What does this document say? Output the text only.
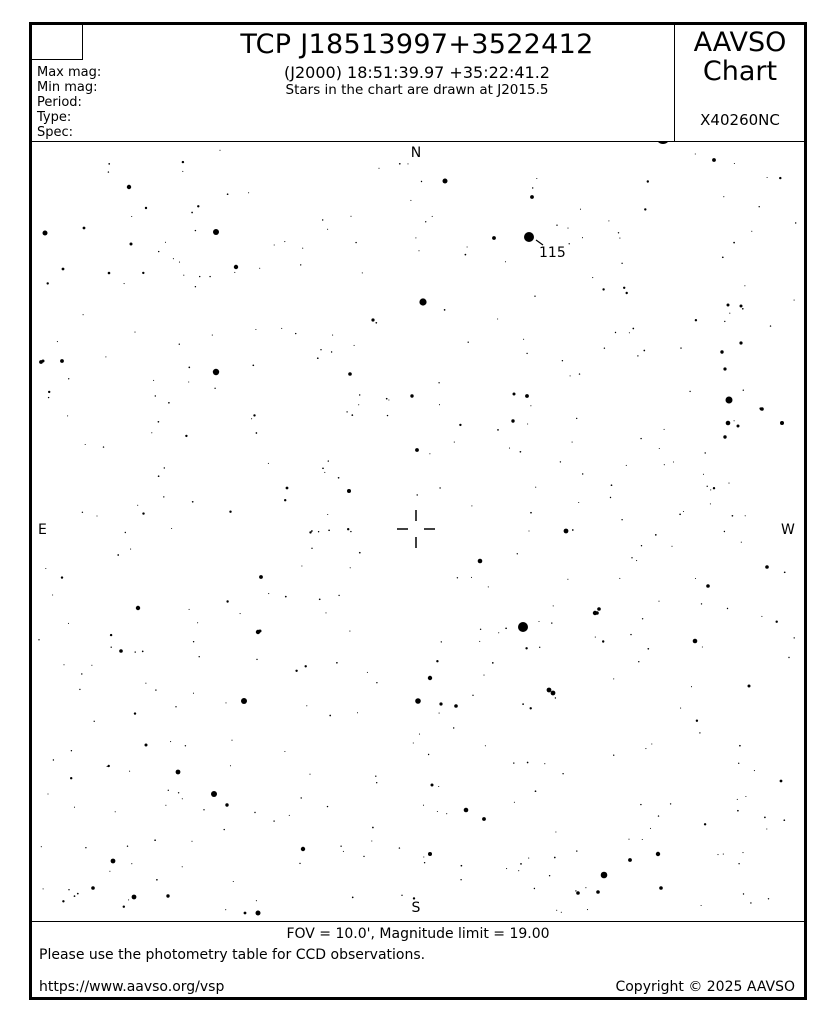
TCP J18513997+3522412
(J2000) 18:51:39.97 +35:22:41.2
Stars in the chart are drawn at J2015.5
Max mag:
Min mag:
Period:
Type:
Spec:
AAVSO
Chart
X40260NC
FOV = 10.0', Magnitude limit = 19.00
Please use the photometry table for CCD observations.
https://www.aavso.org/vsp	Copyright © 2025 AAVSO
115
N
S
E	W
